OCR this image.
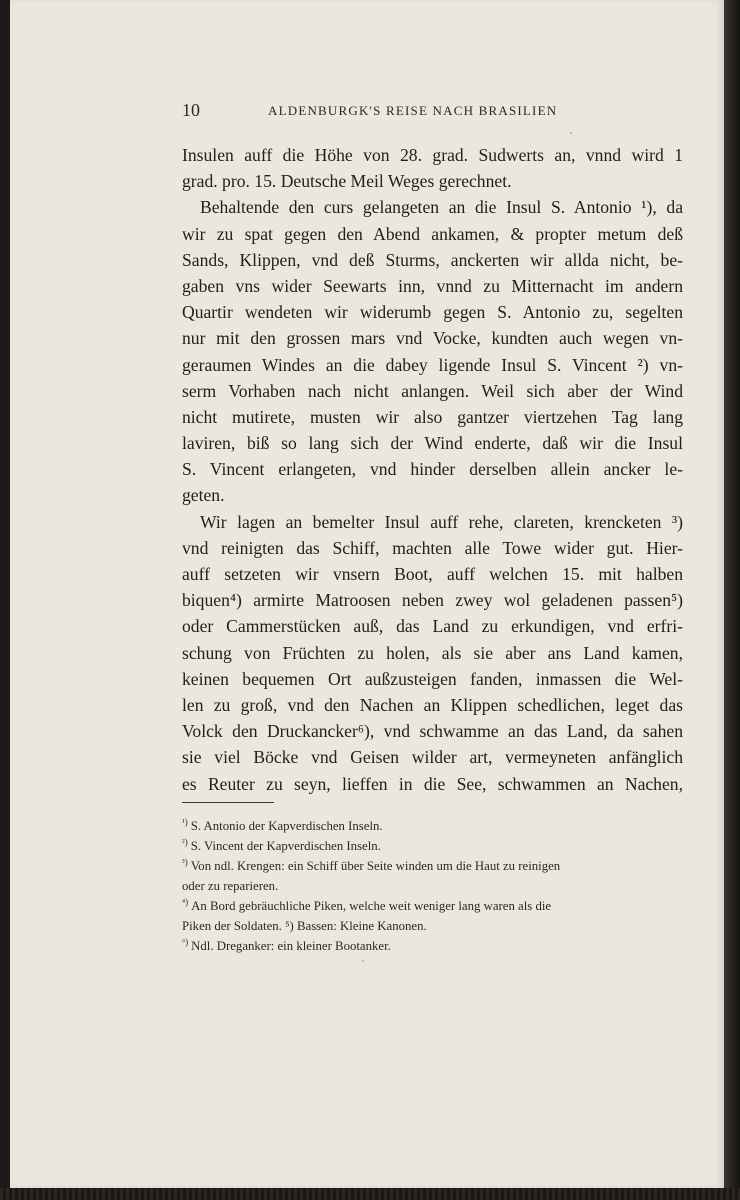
10	ALDENBURGK'S REISE NACH BRASILIEN
Insulen auff die Höhe von 28. grad. Sudwerts an, vnnd wird 1
grad. pro. 15. Deutsche Meil Weges gerechnet.
Behaltende den curs gelangeten an die Insul S. Antonio ¹), da
wir zu spat gegen den Abend ankamen, & propter metum deß
Sands, Klippen, vnd deß Sturms, anckerten wir allda nicht, be-
gaben vns wider Seewarts inn, vnnd zu Mitternacht im andern
Quartir wendeten wir widerumb gegen S. Antonio zu, segelten
nur mit den grossen mars vnd Vocke, kundten auch wegen vn-
geraumen Windes an die dabey ligende Insul S. Vincent ²) vn-
serm Vorhaben nach nicht anlangen. Weil sich aber der Wind
nicht mutirete, musten wir also gantzer viertzehen Tag lang
laviren, biß so lang sich der Wind enderte, daß wir die Insul
S. Vincent erlangeten, vnd hinder derselben allein ancker le-
geten.
Wir lagen an bemelter Insul auff rehe, clareten, krencketen ³)
vnd reinigten das Schiff, machten alle Towe wider gut. Hier-
auff setzeten wir vnsern Boot, auff welchen 15. mit halben
biquen⁴) armirte Matroosen neben zwey wol geladenen passen⁵)
oder Cammerstücken auß, das Land zu erkundigen, vnd erfri-
schung von Früchten zu holen, als sie aber ans Land kamen,
keinen bequemen Ort außzusteigen fanden, inmassen die Wel-
len zu groß, vnd den Nachen an Klippen schedlichen, leget das
Volck den Druckancker⁶), vnd schwamme an das Land, da sahen
sie viel Böcke vnd Geisen wilder art, vermeyneten anfänglich
es Reuter zu seyn, lieffen in die See, schwammen an Nachen,
$^{^1)}$ S. Antonio der Kapverdischen Inseln.
$^{^2)}$ S. Vincent der Kapverdischen Inseln.
$^{^3)}$ Von ndl. Krengen: ein Schiff über Seite winden um die Haut zu reinigen
oder zu reparieren.
$^{^4)}$ An Bord gebräuchliche Piken, welche weit weniger lang waren als die
Piken der Soldaten. ⁵) Bassen: Kleine Kanonen.
$^{^6)}$ Ndl. Dreganker: ein kleiner Bootanker.
